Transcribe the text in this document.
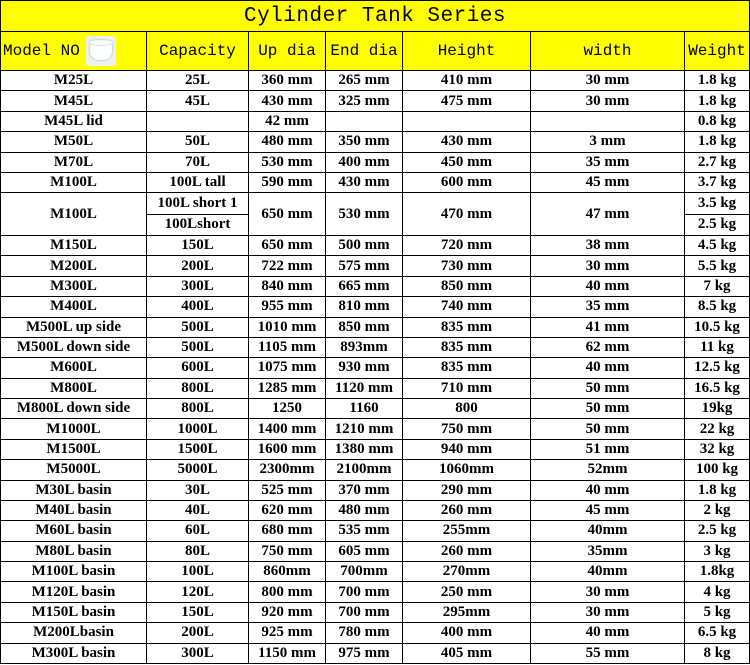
Cylinder Tank Series						
Model NO	Capacity	Up dia	End dia	Height	width	Weight
M25L	25L	360 mm	265 mm	410 mm	30 mm	1.8 kg
M45L	45L	430 mm	325 mm	475 mm	30 mm	1.8 kg
M45L lid		42 mm				0.8 kg
M50L	50L	480 mm	350 mm	430 mm	3 mm	1.8 kg
M70L	70L	530 mm	400 mm	450 mm	35 mm	2.7 kg
M100L	100L tall	590 mm	430 mm	600 mm	45 mm	3.7 kg
M100L	100L short 1	650 mm	530 mm	470 mm	47 mm	3.5 kg
	100Lshort					2.5 kg
M150L	150L	650 mm	500 mm	720 mm	38 mm	4.5 kg
M200L	200L	722 mm	575 mm	730 mm	30 mm	5.5 kg
M300L	300L	840 mm	665 mm	850 mm	40 mm	7 kg
M400L	400L	955 mm	810 mm	740 mm	35 mm	8.5 kg
M500L up side	500L	1010 mm	850 mm	835 mm	41 mm	10.5 kg
M500L down side	500L	1105 mm	893mm	835 mm	62 mm	11 kg
M600L	600L	1075 mm	930 mm	835 mm	40 mm	12.5 kg
M800L	800L	1285 mm	1120 mm	710 mm	50 mm	16.5 kg
M800L down side	800L	1250	1160	800	50 mm	19kg
M1000L	1000L	1400 mm	1210 mm	750 mm	50 mm	22 kg
M1500L	1500L	1600 mm	1380 mm	940 mm	51 mm	32 kg
M5000L	5000L	2300mm	2100mm	1060mm	52mm	100 kg
M30L basin	30L	525 mm	370 mm	290 mm	40 mm	1.8 kg
M40L basin	40L	620 mm	480 mm	260 mm	45 mm	2 kg
M60L basin	60L	680 mm	535 mm	255mm	40mm	2.5 kg
M80L basin	80L	750 mm	605 mm	260 mm	35mm	3 kg
M100L basin	100L	860mm	700mm	270mm	40mm	1.8kg
M120L basin	120L	800 mm	700 mm	250 mm	30 mm	4 kg
M150L basin	150L	920 mm	700 mm	295mm	30 mm	5 kg
M200Lbasin	200L	925 mm	780 mm	400 mm	40 mm	6.5 kg
M300L basin	300L	1150 mm	975 mm	405 mm	55 mm	8 kg
